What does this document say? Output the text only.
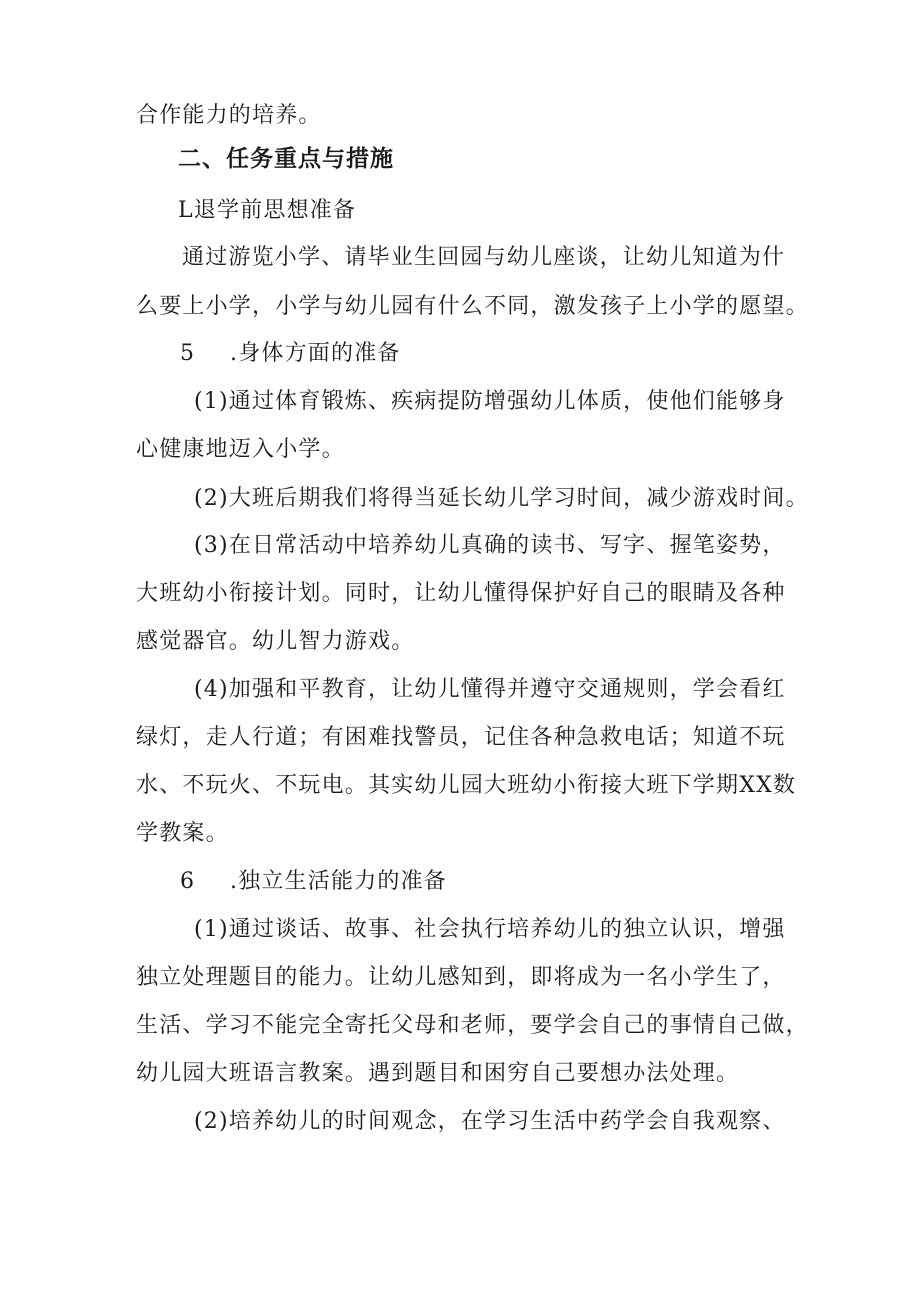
合作能力的培养。
二、任务重点与措施
L退学前思想准备
通过游览小学、请毕业生回园与幼儿座谈，让幼儿知道为什
么要上小学，小学与幼儿园有什么不同，激发孩子上小学的愿望。
5 .身体方面的准备
(1)通过体育锻炼、疾病提防增强幼儿体质，使他们能够身
心健康地迈入小学。
(2)大班后期我们将得当延长幼儿学习时间，减少游戏时间。
(3)在日常活动中培养幼儿真确的读书、写字、握笔姿势，
大班幼小衔接计划。同时，让幼儿懂得保护好自己的眼睛及各种
感觉器官。幼儿智力游戏。
(4)加强和平教育，让幼儿懂得并遵守交通规则，学会看红
绿灯，走人行道；有困难找警员，记住各种急救电话；知道不玩
水、不玩火、不玩电。其实幼儿园大班幼小衔接大班下学期XX数
学教案。
6 .独立生活能力的准备
(1)通过谈话、故事、社会执行培养幼儿的独立认识，增强
独立处理题目的能力。让幼儿感知到，即将成为一名小学生了，
生活、学习不能完全寄托父母和老师，要学会自己的事情自己做，
幼儿园大班语言教案。遇到题目和困穷自己要想办法处理。
(2)培养幼儿的时间观念，在学习生活中药学会自我观察、
